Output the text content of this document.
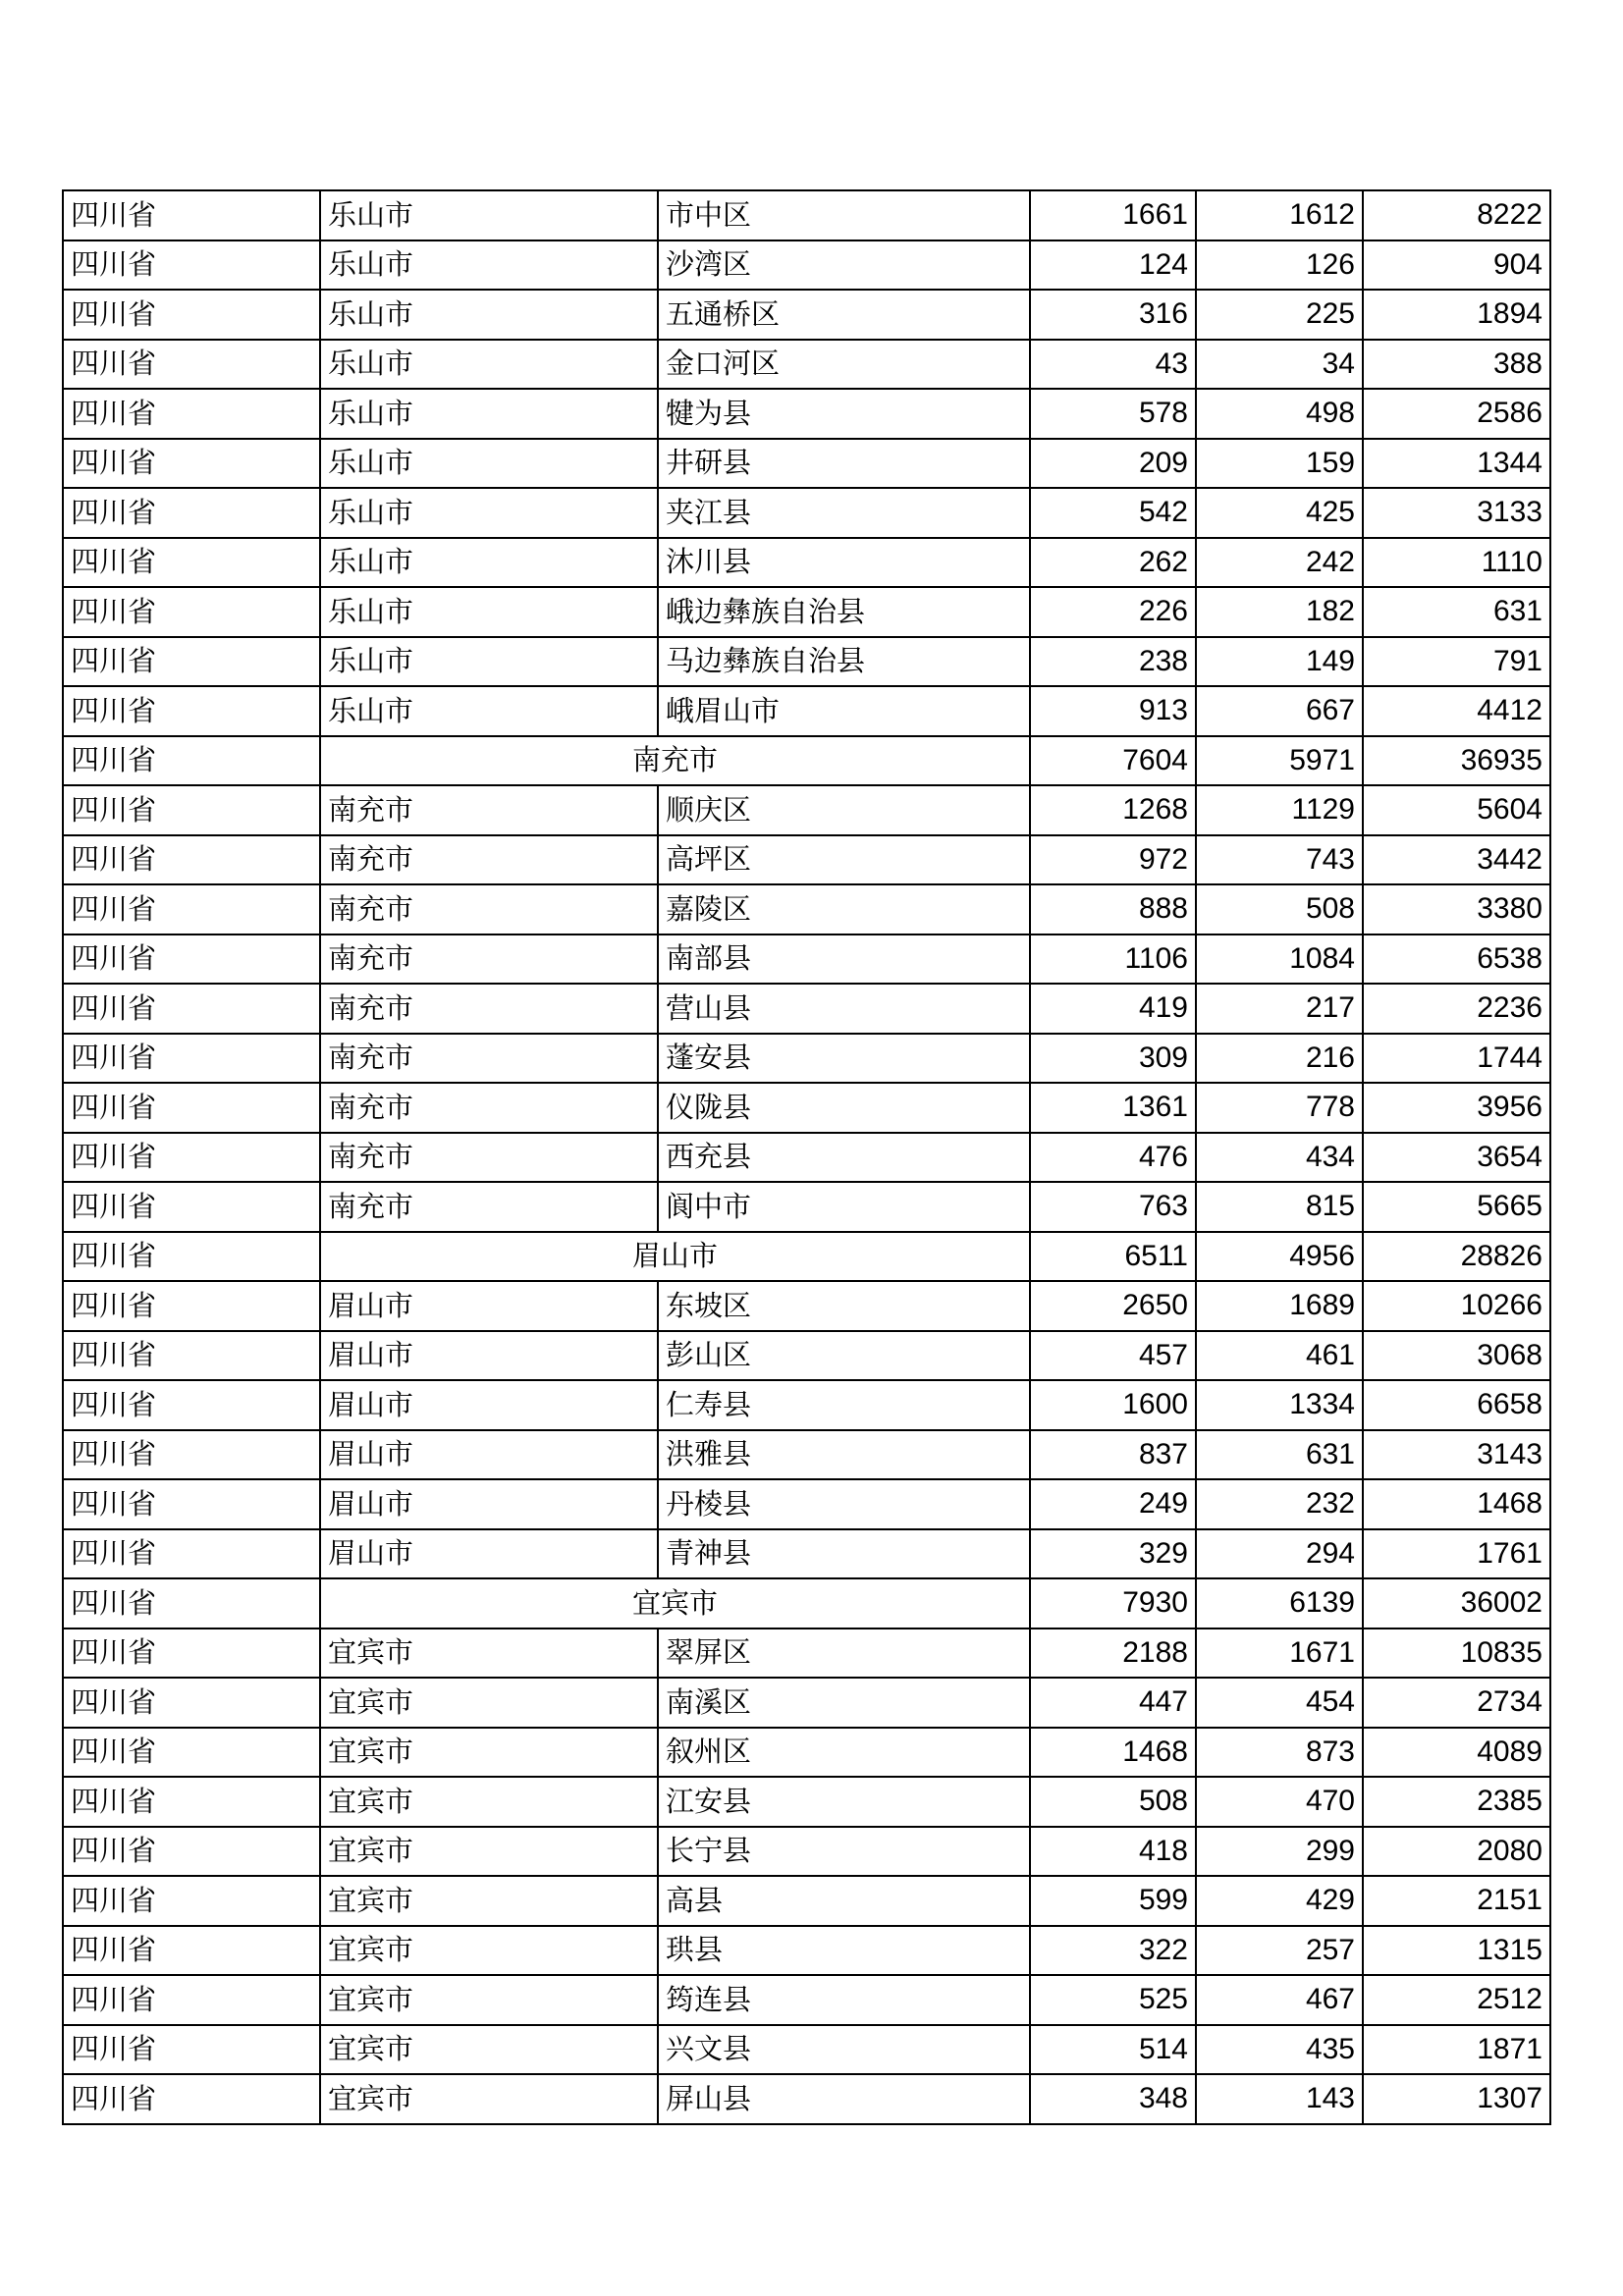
四川省	乐山市	市中区	1661	1612	8222
四川省	乐山市	沙湾区	124	126	904
四川省	乐山市	五通桥区	316	225	1894
四川省	乐山市	金口河区	43	34	388
四川省	乐山市	犍为县	578	498	2586
四川省	乐山市	井研县	209	159	1344
四川省	乐山市	夹江县	542	425	3133
四川省	乐山市	沐川县	262	242	1110
四川省	乐山市	峨边彝族自治县	226	182	631
四川省	乐山市	马边彝族自治县	238	149	791
四川省	乐山市	峨眉山市	913	667	4412
四川省	南充市		7604	5971	36935
四川省	南充市	顺庆区	1268	1129	5604
四川省	南充市	高坪区	972	743	3442
四川省	南充市	嘉陵区	888	508	3380
四川省	南充市	南部县	1106	1084	6538
四川省	南充市	营山县	419	217	2236
四川省	南充市	蓬安县	309	216	1744
四川省	南充市	仪陇县	1361	778	3956
四川省	南充市	西充县	476	434	3654
四川省	南充市	阆中市	763	815	5665
四川省	眉山市		6511	4956	28826
四川省	眉山市	东坡区	2650	1689	10266
四川省	眉山市	彭山区	457	461	3068
四川省	眉山市	仁寿县	1600	1334	6658
四川省	眉山市	洪雅县	837	631	3143
四川省	眉山市	丹棱县	249	232	1468
四川省	眉山市	青神县	329	294	1761
四川省	宜宾市		7930	6139	36002
四川省	宜宾市	翠屏区	2188	1671	10835
四川省	宜宾市	南溪区	447	454	2734
四川省	宜宾市	叙州区	1468	873	4089
四川省	宜宾市	江安县	508	470	2385
四川省	宜宾市	长宁县	418	299	2080
四川省	宜宾市	高县	599	429	2151
四川省	宜宾市	珙县	322	257	1315
四川省	宜宾市	筠连县	525	467	2512
四川省	宜宾市	兴文县	514	435	1871
四川省	宜宾市	屏山县	348	143	1307
